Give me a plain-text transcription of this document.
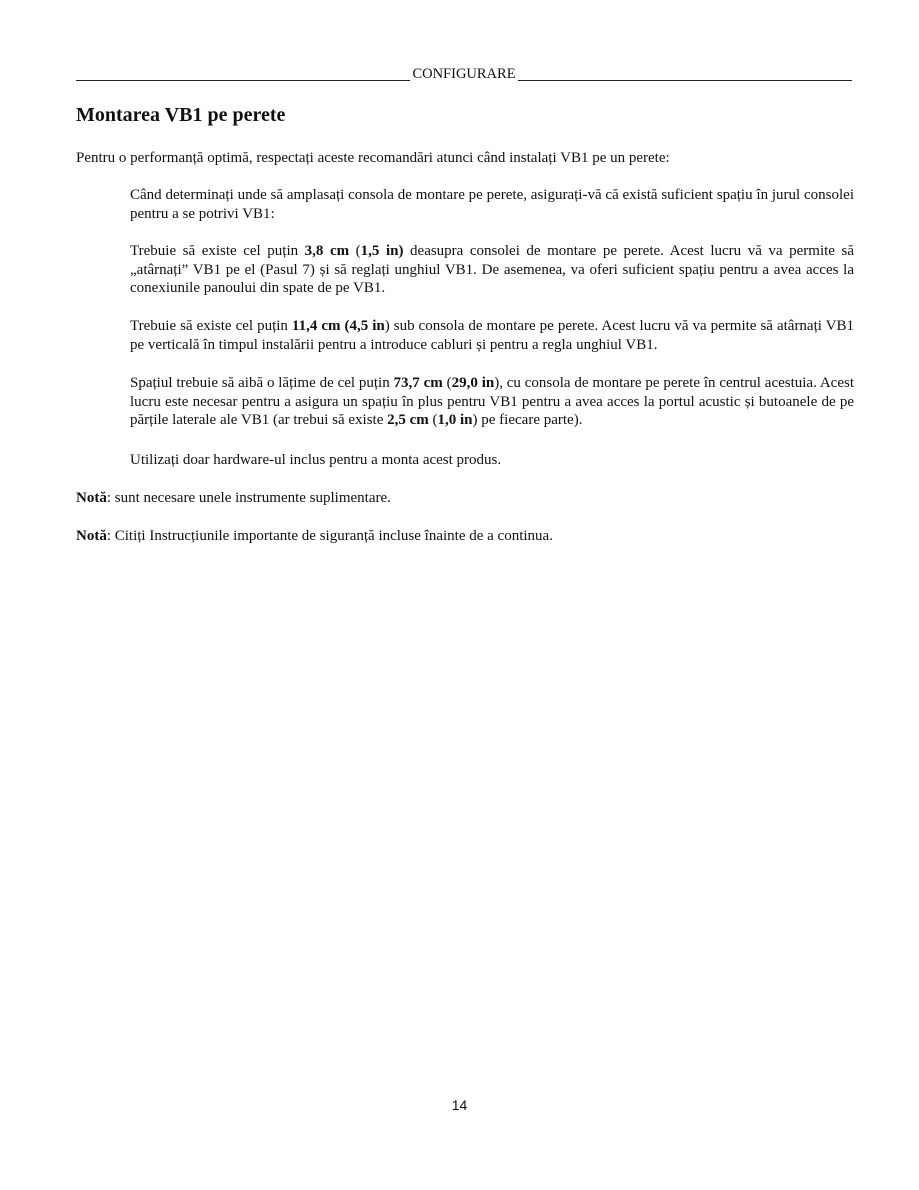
CONFIGURARE
Montarea VB1 pe perete

Pentru o performanță optimă, respectați aceste recomandări atunci când instalați VB1 pe un perete:

Când determinați unde să amplasați consola de montare pe perete, asigurați-vă că există suficient spațiu în jurul consolei pentru a se potrivi VB1:

Trebuie să existe cel puțin 3,8 cm (1,5 in) deasupra consolei de montare pe perete. Acest lucru vă va permite să „atârnați” VB1 pe el (Pasul 7) și să reglați unghiul VB1. De asemenea, va oferi suficient spațiu pentru a avea acces la conexiunile panoului din spate de pe VB1.

Trebuie să existe cel puțin 11,4 cm (4,5 in) sub consola de montare pe perete. Acest lucru vă va permite să atârnați VB1 pe verticală în timpul instalării pentru a introduce cabluri și pentru a regla unghiul VB1.

Spațiul trebuie să aibă o lățime de cel puțin 73,7 cm (29,0 in), cu consola de montare pe perete în centrul acestuia. Acest lucru este necesar pentru a asigura un spațiu în plus pentru VB1 pentru a avea acces la portul acustic și butoanele de pe părțile laterale ale VB1 (ar trebui să existe 2,5 cm (1,0 in) pe fiecare parte).

Utilizați doar hardware-ul inclus pentru a monta acest produs.

Notă: sunt necesare unele instrumente suplimentare.

Notă: Citiți Instrucțiunile importante de siguranță incluse înainte de a continua.

14
